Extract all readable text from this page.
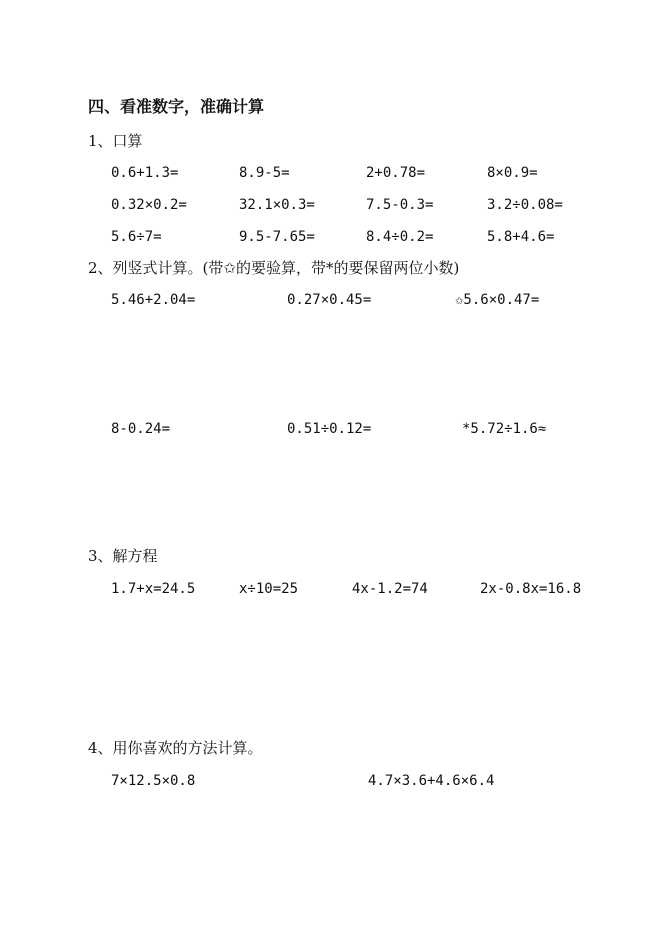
四、看准数字，准确计算
1、口算
0.6+1.3=	8.9-5=	2+0.78=	8×0.9=
0.32×0.2=	32.1×0.3=	7.5-0.3=	3.2÷0.08=
5.6÷7=	9.5-7.65=	8.4÷0.2=	5.8+4.6=
2、列竖式计算。(带✩的要验算，带*的要保留两位小数)
5.46+2.04=	0.27×0.45=	✩5.6×0.47=
8-0.24=	0.51÷0.12=	*5.72÷1.6≈
3、解方程
1.7+x=24.5	x÷10=25	4x-1.2=74	2x-0.8x=16.8
4、用你喜欢的方法计算。
7×12.5×0.8	4.7×3.6+4.6×6.4
